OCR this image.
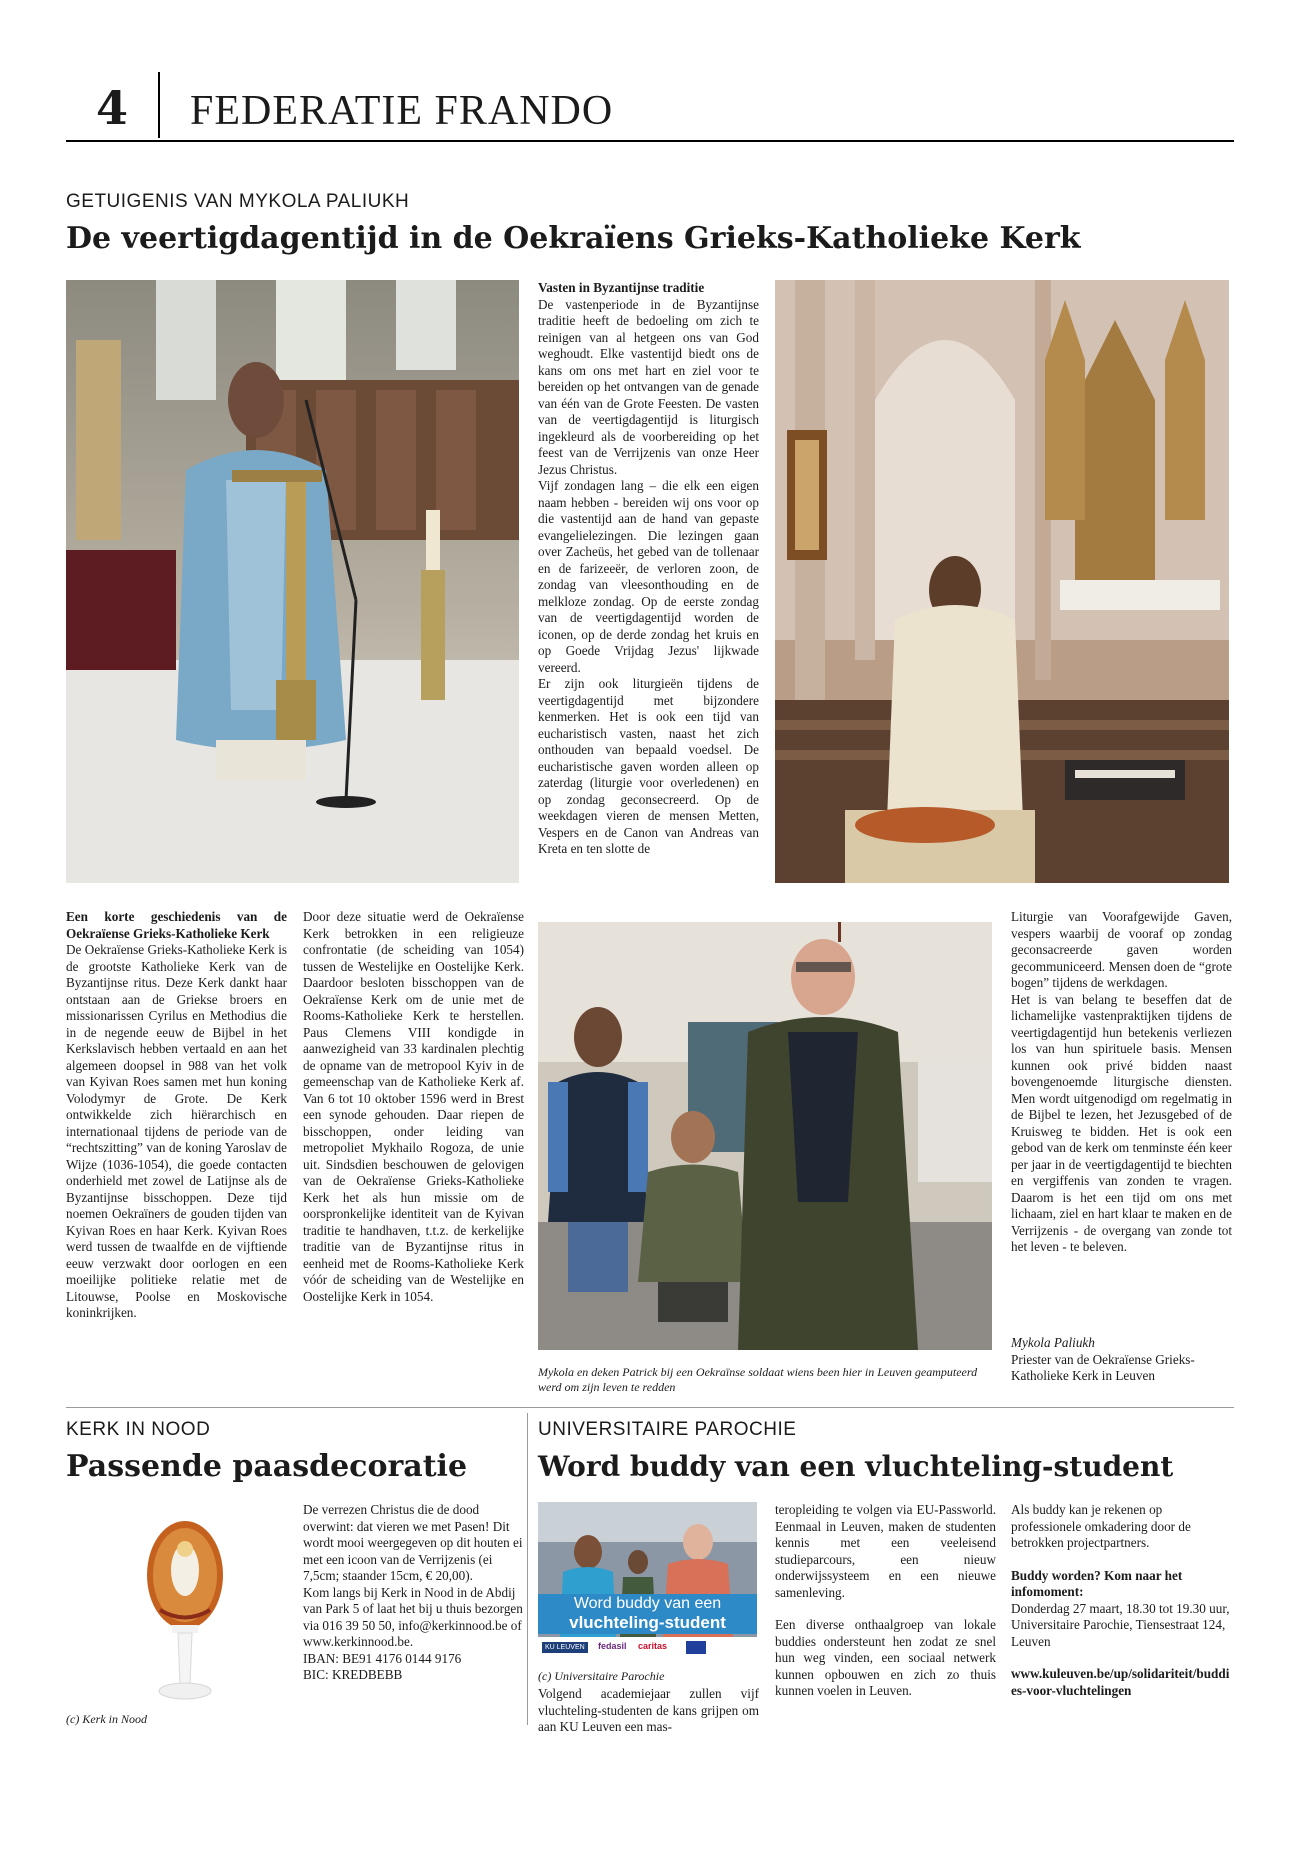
4 FEDERATIE FRANDO
GETUIGENIS VAN MYKOLA PALIUKH
De veertigdagentijd in de Oekraïens Grieks-Katholieke Kerk

Vasten in Byzantijnse traditie

De vastenperiode in de Byzantijnse traditie heeft de bedoeling om zich te reinigen van al hetgeen ons van God weghoudt. Elke vastentijd biedt ons de kans om ons met hart en ziel voor te bereiden op het ontvangen van de genade van één van de Grote Feesten. De vasten van de veertigdagentijd is liturgisch ingekleurd als de voorbereiding op het feest van de Verrijzenis van onze Heer Jezus Christus.

Vijf zondagen lang – die elk een eigen naam hebben - bereiden wij ons voor op die vastentijd aan de hand van gepaste evangelielezingen. Die lezingen gaan over Zacheüs, het gebed van de tollenaar en de farizeeër, de verloren zoon, de zondag van vleesonthouding en de melkloze zondag. Op de eerste zondag van de veertigdagentijd worden de iconen, op de derde zondag het kruis en op Goede Vrijdag Jezus' lijkwade vereerd.

Er zijn ook liturgieën tijdens de veertigdagentijd met bijzondere kenmerken. Het is ook een tijd van eucharistisch vasten, naast het zich onthouden van bepaald voedsel. De eucharistische gaven worden alleen op zaterdag (liturgie voor overledenen) en op zondag geconsecreerd. Op de weekdagen vieren de mensen Metten, Vespers en de Canon van Andreas van Kreta en ten slotte de

Een korte geschiedenis van de Oekraïense Grieks-Katholieke Kerk

De Oekraïense Grieks-Katholieke Kerk is de grootste Katholieke Kerk van de Byzantijnse ritus. Deze Kerk dankt haar ontstaan aan de Griekse broers en missionarissen Cyrilus en Methodius die in de negende eeuw de Bijbel in het Kerkslavisch hebben vertaald en aan het algemeen doopsel in 988 van het volk van Kyivan Roes samen met hun koning Volodymyr de Grote. De Kerk ontwikkelde zich hiërarchisch en internationaal tijdens de periode van de “rechtszitting” van de koning Yaroslav de Wijze (1036-1054), die goede contacten onderhield met zowel de Latijnse als de Byzantijnse bisschoppen. Deze tijd noemen Oekraïners de gouden tijden van Kyivan Roes en haar Kerk. Kyivan Roes werd tussen de twaalfde en de vijftiende eeuw verzwakt door oorlogen en een moeilijke politieke relatie met de Litouwse, Poolse en Moskovische koninkrijken.

Door deze situatie werd de Oekraïense Kerk betrokken in een religieuze confrontatie (de scheiding van 1054) tussen de Westelijke en Oostelijke Kerk. Daardoor besloten bisschoppen van de Oekraïense Kerk om de unie met de Rooms-Katholieke Kerk te herstellen. Paus Clemens VIII kondigde in aanwezigheid van 33 kardinalen plechtig de opname van de metropool Kyiv in de gemeenschap van de Katholieke Kerk af. Van 6 tot 10 oktober 1596 werd in Brest een synode gehouden. Daar riepen de bisschoppen, onder leiding van metropoliet Mykhailo Rogoza, de unie uit. Sindsdien beschouwen de gelovigen van de Oekraïense Grieks-Katholieke Kerk het als hun missie om de oorspronkelijke identiteit van de Kyivan traditie te handhaven, t.t.z. de kerkelijke traditie van de Byzantijnse ritus in eenheid met de Rooms-Katholieke Kerk vóór de scheiding van de Westelijke en Oostelijke Kerk in 1054.

Mykola en deken Patrick bij een Oekraïnse soldaat wiens been hier in Leuven geamputeerd werd om zijn leven te redden

Liturgie van Voorafgewijde Gaven, vespers waarbij de vooraf op zondag geconsacreerde gaven worden gecommuniceerd. Mensen doen de “grote bogen” tijdens de werkdagen.

Het is van belang te beseffen dat de lichamelijke vastenpraktijken tijdens de veertigdagentijd hun betekenis verliezen los van hun spirituele basis. Mensen kunnen ook privé bidden naast bovengenoemde liturgische diensten. Men wordt uitgenodigd om regelmatig in de Bijbel te lezen, het Jezusgebed of de Kruisweg te bidden. Het is ook een gebod van de kerk om tenminste één keer per jaar in de veertigdagentijd te biechten en vergiffenis van zonden te vragen. Daarom is het een tijd om ons met lichaam, ziel en hart klaar te maken en de Verrijzenis - de overgang van zonde tot het leven - te beleven.

Mykola Paliukh
Priester van de Oekraïense Grieks-Katholieke Kerk in Leuven
KERK IN NOOD
Passende paasdecoratie
(c) Kerk in Nood

De verrezen Christus die de dood overwint: dat vieren we met Pasen! Dit wordt mooi weergegeven op dit houten ei met een icoon van de Verrijzenis (ei 7,5cm; staander 15cm, € 20,00).

Kom langs bij Kerk in Nood in de Abdij van Park 5 of laat het bij u thuis bezorgen via 016 39 50 50, info@kerkinnood.be of www.kerkinnood.be.

IBAN: BE91 4176 0144 9176

BIC: KREDBEBB

UNIVERSITAIRE PAROCHIE
Word buddy van een vluchteling-student
Word buddy van een
vluchteling-student
KU LEUVEN	fedasil caritas
(c) Universitaire Parochie

Volgend academiejaar zullen vijf vluchteling-studenten de kans grijpen om aan KU Leuven een mas-

teropleiding te volgen via EU-Passworld. Eenmaal in Leuven, maken de studenten kennis met een veeleisend studieparcours, een nieuw onderwijssysteem en een nieuwe samenleving.

Een diverse onthaalgroep van lokale buddies ondersteunt hen zodat ze snel hun weg vinden, een sociaal netwerk kunnen opbouwen en zich zo thuis kunnen voelen in Leuven.

Als buddy kan je rekenen op professionele omkadering door de betrokken projectpartners.

Buddy worden? Kom naar het infomoment:

Donderdag 27 maart, 18.30 tot 19.30 uur, Universitaire Parochie, Tiensestraat 124, Leuven

www.kuleuven.be/up/solidariteit/buddies-voor-vluchtelingen
